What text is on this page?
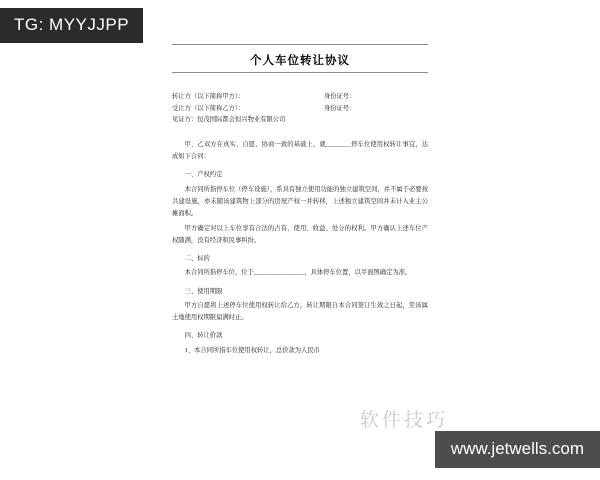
个人车位转让协议
转让方（以下简称甲方）：	身份证号：
受让方（以下简称乙方）：	身份证号：
见证方：恒茂国际都会恒兴物业有限公司

甲、乙双方在真实、自愿、协商一致的基础上，就________停车位使用权转让事宜，达成如下合同：

一、产权约定

本合同所指停车位（停车设施），系具有独立使用功能的独立建筑空间，并不属于必要按共建设施，亦未随该建筑物上部分的房屋产权一并转移，上述独立建筑空间并未计入业主公摊面积。

甲方确定对以上车位享有合法的占有、使用、收益、处分的权利。甲方确认上述车位产权随满，没有经济和民事纠纷。

二、标的

本合同所指停车位，位于________________，具体停车位置，以平面图确定为准。

三、使用期限

甲方自愿将上述停车位使用权转让给乙方，转让期限自本合同签订生效之日起，至该属土地使用权期限届满时止。

四、转让价款

1、本合同所指车位使用权转让，总价款为人民币

软件技巧
TG: MYYJJPP
www.jetwells.com
